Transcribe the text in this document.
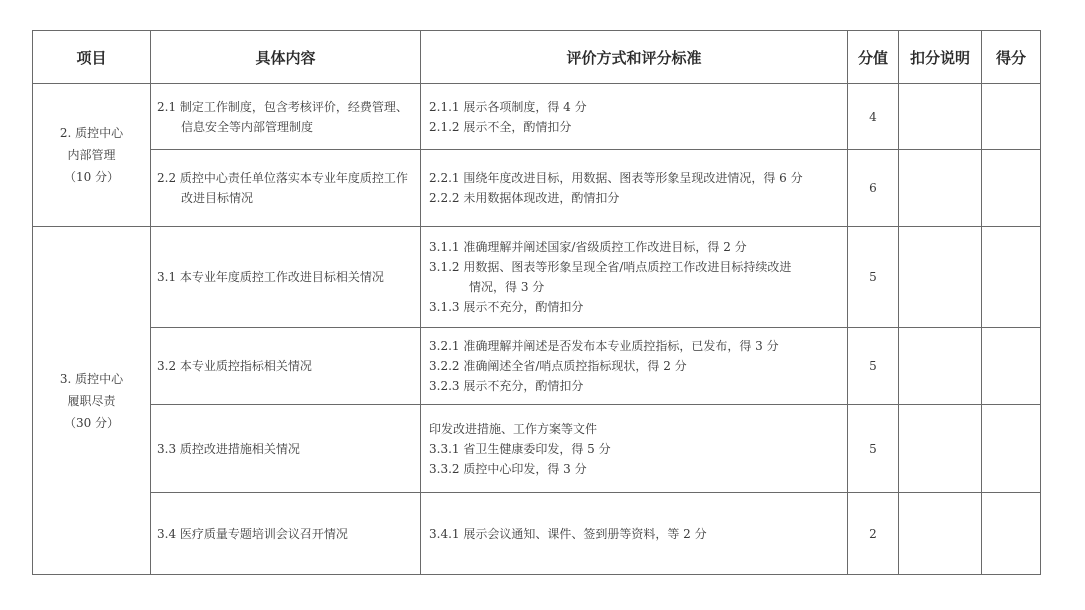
项目	具体内容	评价方式和评分标准	分值	扣分说明	得分

2. 质控中心
内部管理
（10 分）	2.1 制定工作制度，包含考核评价，经费管理、信息安全等内部管理制度	2.1.1 展示各项制度，得 4 分
2.1.2 展示不全，酌情扣分	4		

	2.2 质控中心责任单位落实本专业年度质控工作改进目标情况	2.2.1 围绕年度改进目标，用数据、图表等形象呈现改进情况，得 6 分
2.2.2 未用数据体现改进，酌情扣分	6		

3. 质控中心
履职尽责
（30 分）	3.1 本专业年度质控工作改进目标相关情况	3.1.1 准确理解并阐述国家/省级质控工作改进目标，得 2 分
3.1.2 用数据、图表等形象呈现全省/哨点质控工作改进目标持续改进
情况，得 3 分
3.1.3 展示不充分，酌情扣分	5		

	3.2 本专业质控指标相关情况	3.2.1 准确理解并阐述是否发布本专业质控指标，已发布，得 3 分
3.2.2 准确阐述全省/哨点质控指标现状，得 2 分
3.2.3 展示不充分，酌情扣分	5		

	3.3 质控改进措施相关情况	印发改进措施、工作方案等文件
3.3.1 省卫生健康委印发，得 5 分
3.3.2 质控中心印发，得 3 分	5		

	3.4 医疗质量专题培训会议召开情况	3.4.1 展示会议通知、课件、签到册等资料，等 2 分	2		
